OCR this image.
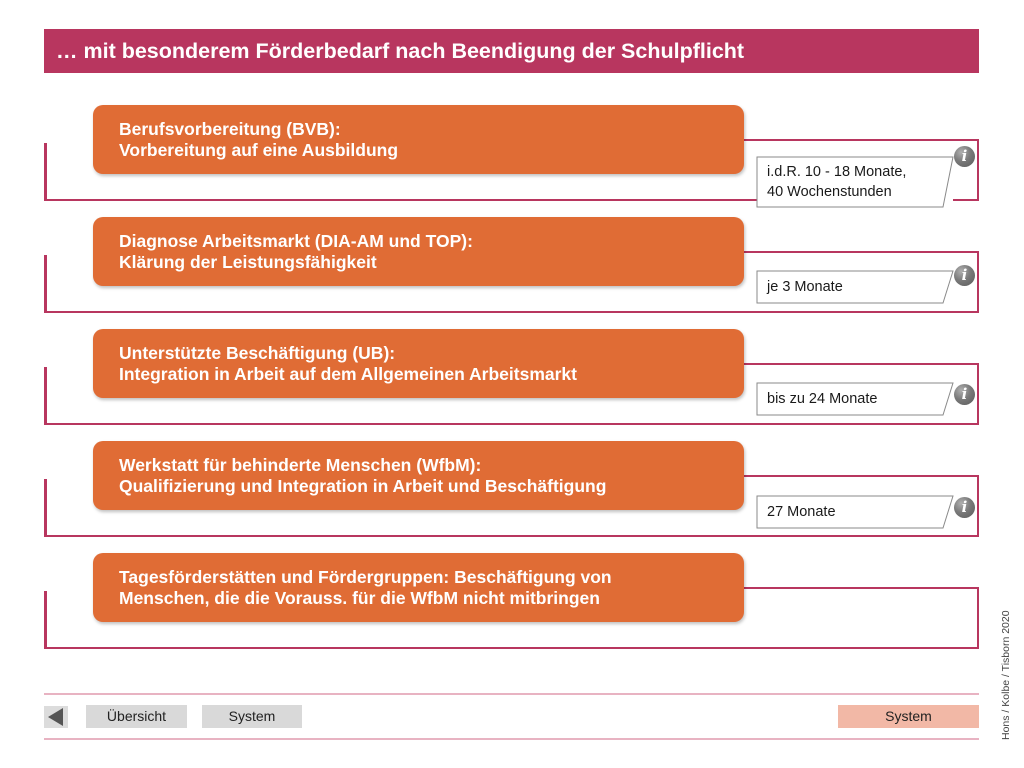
… mit besonderem Förderbedarf nach Beendigung der Schulpflicht
Berufsvorbereitung (BVB):
Vorbereitung auf eine Ausbildung
i.d.R. 10 - 18 Monate,
40 Wochenstunden
i
Diagnose Arbeitsmarkt (DIA-AM und TOP):
Klärung der Leistungsfähigkeit
je 3 Monate
i
Unterstützte Beschäftigung (UB):
Integration in Arbeit auf dem Allgemeinen Arbeitsmarkt
bis zu 24 Monate	i
Werkstatt für behinderte Menschen (WfbM):
Qualifizierung und Integration in Arbeit und Beschäftigung
27 Monate	i
Tagesförderstätten und Fördergruppen: Beschäftigung von
Menschen, die die Vorauss. für die WfbM nicht mitbringen
Übersicht	System	System	Hons / Kolbe / Tisborn 2020
